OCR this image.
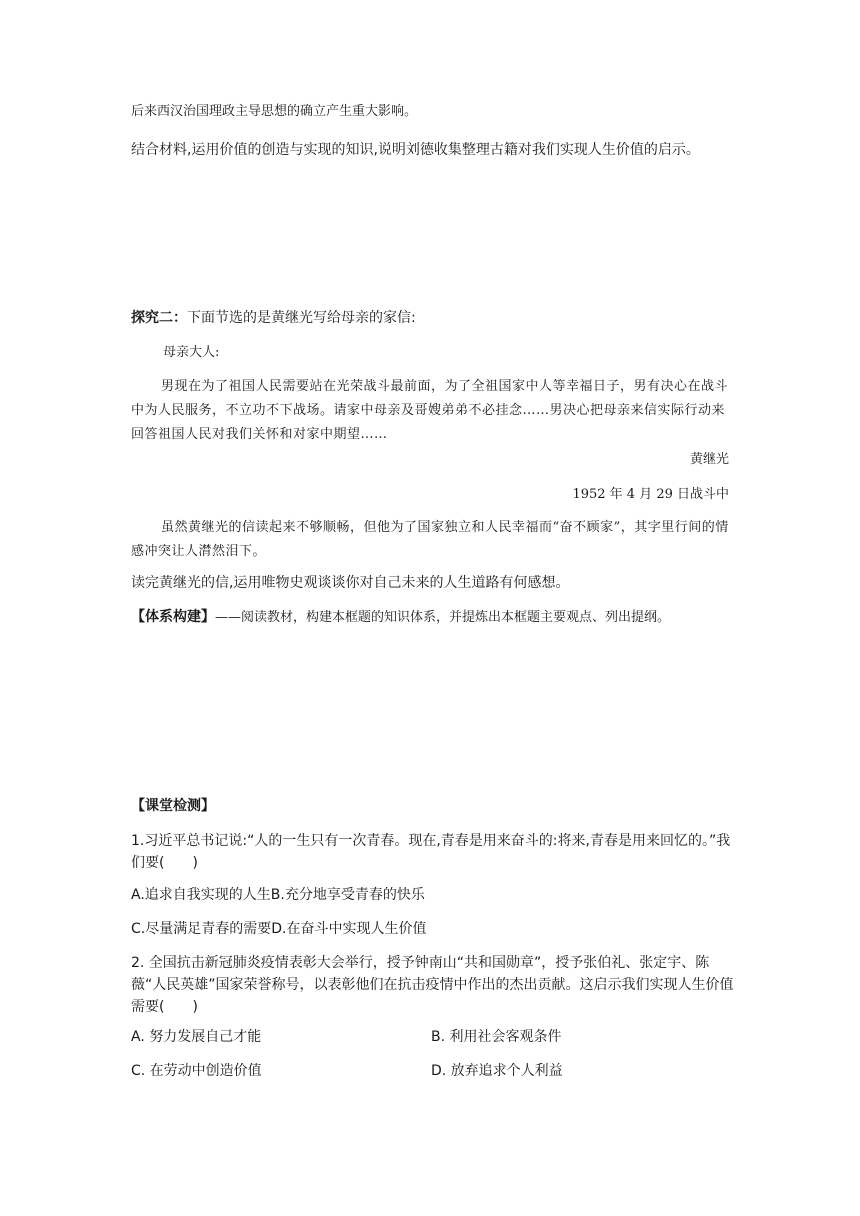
后来西汉治国理政主导思想的确立产生重大影响。
结合材料,运用价值的创造与实现的知识,说明刘德收集整理古籍对我们实现人生价值的启示。
探究二：下面节选的是黄继光写给母亲的家信:
母亲大人:
男现在为了祖国人民需要站在光荣战斗最前面，为了全祖国家中人等幸福日子，男有决心在战斗中为人民服务，不立功不下战场。请家中母亲及哥嫂弟弟不必挂念……男决心把母亲来信实际行动来回答祖国人民对我们关怀和对家中期望……
黄继光
1952 年 4 月 29 日战斗中
虽然黄继光的信读起来不够顺畅，但他为了国家独立和人民幸福而“奋不顾家”，其字里行间的情感冲突让人潸然泪下。
读完黄继光的信,运用唯物史观谈谈你对自己未来的人生道路有何感想。
【体系构建】——阅读教材，构建本框题的知识体系，并提炼出本框题主要观点、列出提纲。
【课堂检测】
1.习近平总书记说:“人的一生只有一次青春。现在,青春是用来奋斗的:将来,青春是用来回忆的。”我们要(　　)
A.追求自我实现的人生B.充分地享受青春的快乐
C.尽量满足青春的需要D.在奋斗中实现人生价值
2. 全国抗击新冠肺炎疫情表彰大会举行，授予钟南山“共和国勋章”，授予张伯礼、张定宇、陈薇“人民英雄”国家荣誉称号，以表彰他们在抗击疫情中作出的杰出贡献。这启示我们实现人生价值需要(　　)
A. 努力发展自己才能	B. 利用社会客观条件
C. 在劳动中创造价值	D. 放弃追求个人利益
